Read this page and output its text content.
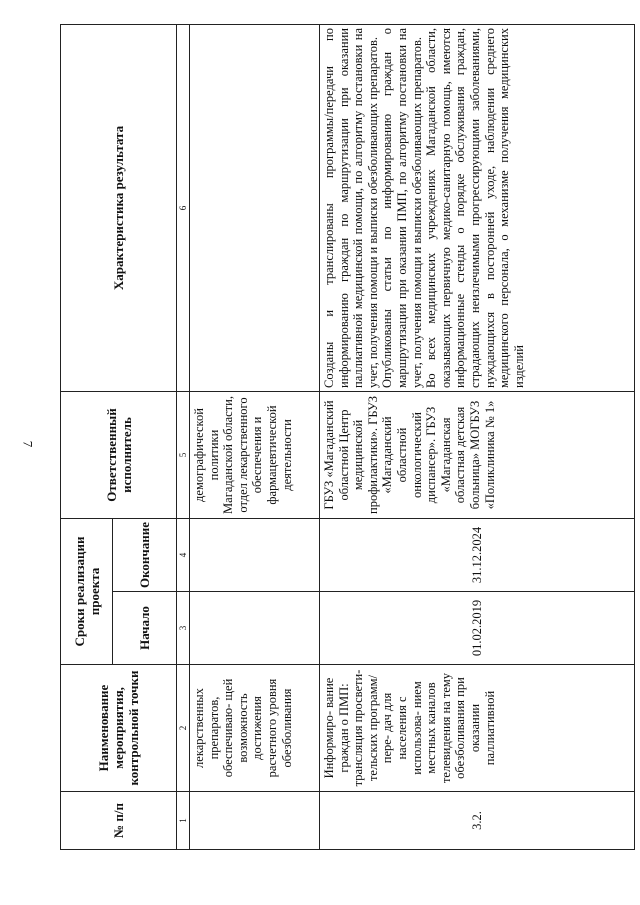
7
№ п/п	Наименование мероприятия, контрольной точки	Сроки реализации проекта		Ответственный исполнитель	Характеристика результата
		Начало	Окончание		
1	2	3	4	5	6
	лекарственных препаратов, обеспечиваю- щей возможность достижения расчетного уровня обезболивания			демографической политики Магаданской области, отдел лекарственного обеспечения и фармацевтической деятельности	
3.2.	Информиро- вание граждан о ПМП: трансляция просвети- тельских программ/пере- дач для населения с использова- нием местных каналов телевидения на тему обезболивания при оказании паллиативной	01.02.2019	31.12.2024	ГБУЗ «Магаданский областной Центр медицинской профилактики». ГБУЗ «Магаданский областной онкологический диспансер». ГБУЗ «Магаданская областная детская больница» МОГБУЗ «Поликлиника № 1»	Созданы и транслированы программы/передачи по информированию граждан по маршрутизации при оказании паллиативной медицинской помощи, по алгоритму постановки на учет, получения помощи и выписки обезболивающих препаратов. Опубликованы статьи по информированию граждан о маршрутизации при оказании ПМП, по алгоритму постановки на учет, получения помощи и выписки обезболивающих препаратов. Во всех медицинских учреждениях Магаданской области, оказывающих первичную медико-санитарную помощь, имеются информационные стенды о порядке обслуживания граждан, страдающих неизлечимыми прогрессирующими заболеваниями, нуждающихся в посторонней уходе, наблюдении среднего медицинского персонала, о механизме получения медицинских изделий
